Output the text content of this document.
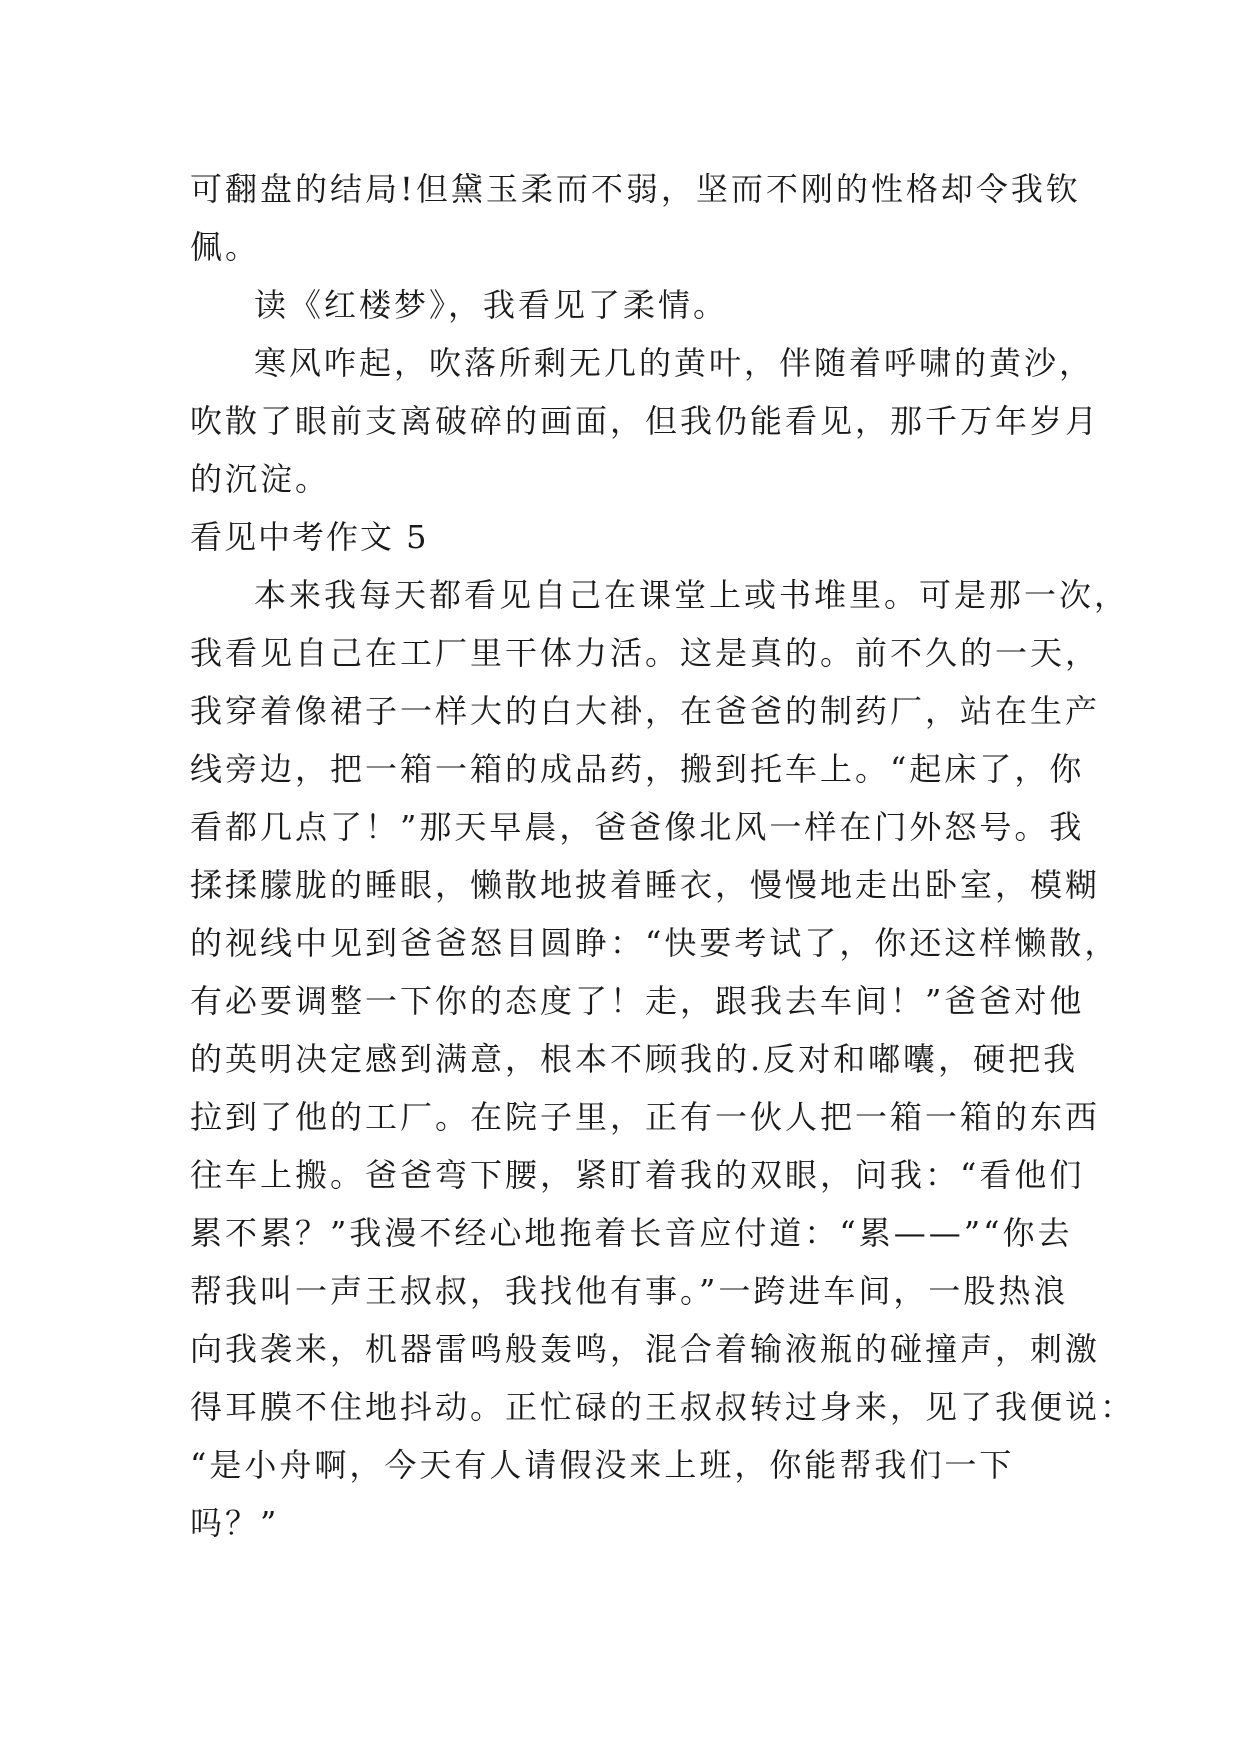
可翻盘的结局!但黛玉柔而不弱，坚而不刚的性格却令我钦
佩。
读《红楼梦》，我看见了柔情。
寒风咋起，吹落所剩无几的黄叶，伴随着呼啸的黄沙，
吹散了眼前支离破碎的画面，但我仍能看见，那千万年岁月
的沉淀。
看见中考作文 5
本来我每天都看见自己在课堂上或书堆里。可是那一次，
我看见自己在工厂里干体力活。这是真的。前不久的一天，
我穿着像裙子一样大的白大褂，在爸爸的制药厂，站在生产
线旁边，把一箱一箱的成品药，搬到托车上。“起床了，你
看都几点了！”那天早晨，爸爸像北风一样在门外怒号。我
揉揉朦胧的睡眼，懒散地披着睡衣，慢慢地走出卧室，模糊
的视线中见到爸爸怒目圆睁：“快要考试了，你还这样懒散，
有必要调整一下你的态度了！走，跟我去车间！”爸爸对他
的英明决定感到满意，根本不顾我的.反对和嘟囔，硬把我
拉到了他的工厂。在院子里，正有一伙人把一箱一箱的东西
往车上搬。爸爸弯下腰，紧盯着我的双眼，问我：“看他们
累不累？”我漫不经心地拖着长音应付道：“累——”“你去
帮我叫一声王叔叔，我找他有事。”一跨进车间，一股热浪
向我袭来，机器雷鸣般轰鸣，混合着输液瓶的碰撞声，刺激
得耳膜不住地抖动。正忙碌的王叔叔转过身来，见了我便说：
“是小舟啊，今天有人请假没来上班，你能帮我们一下
吗？”
